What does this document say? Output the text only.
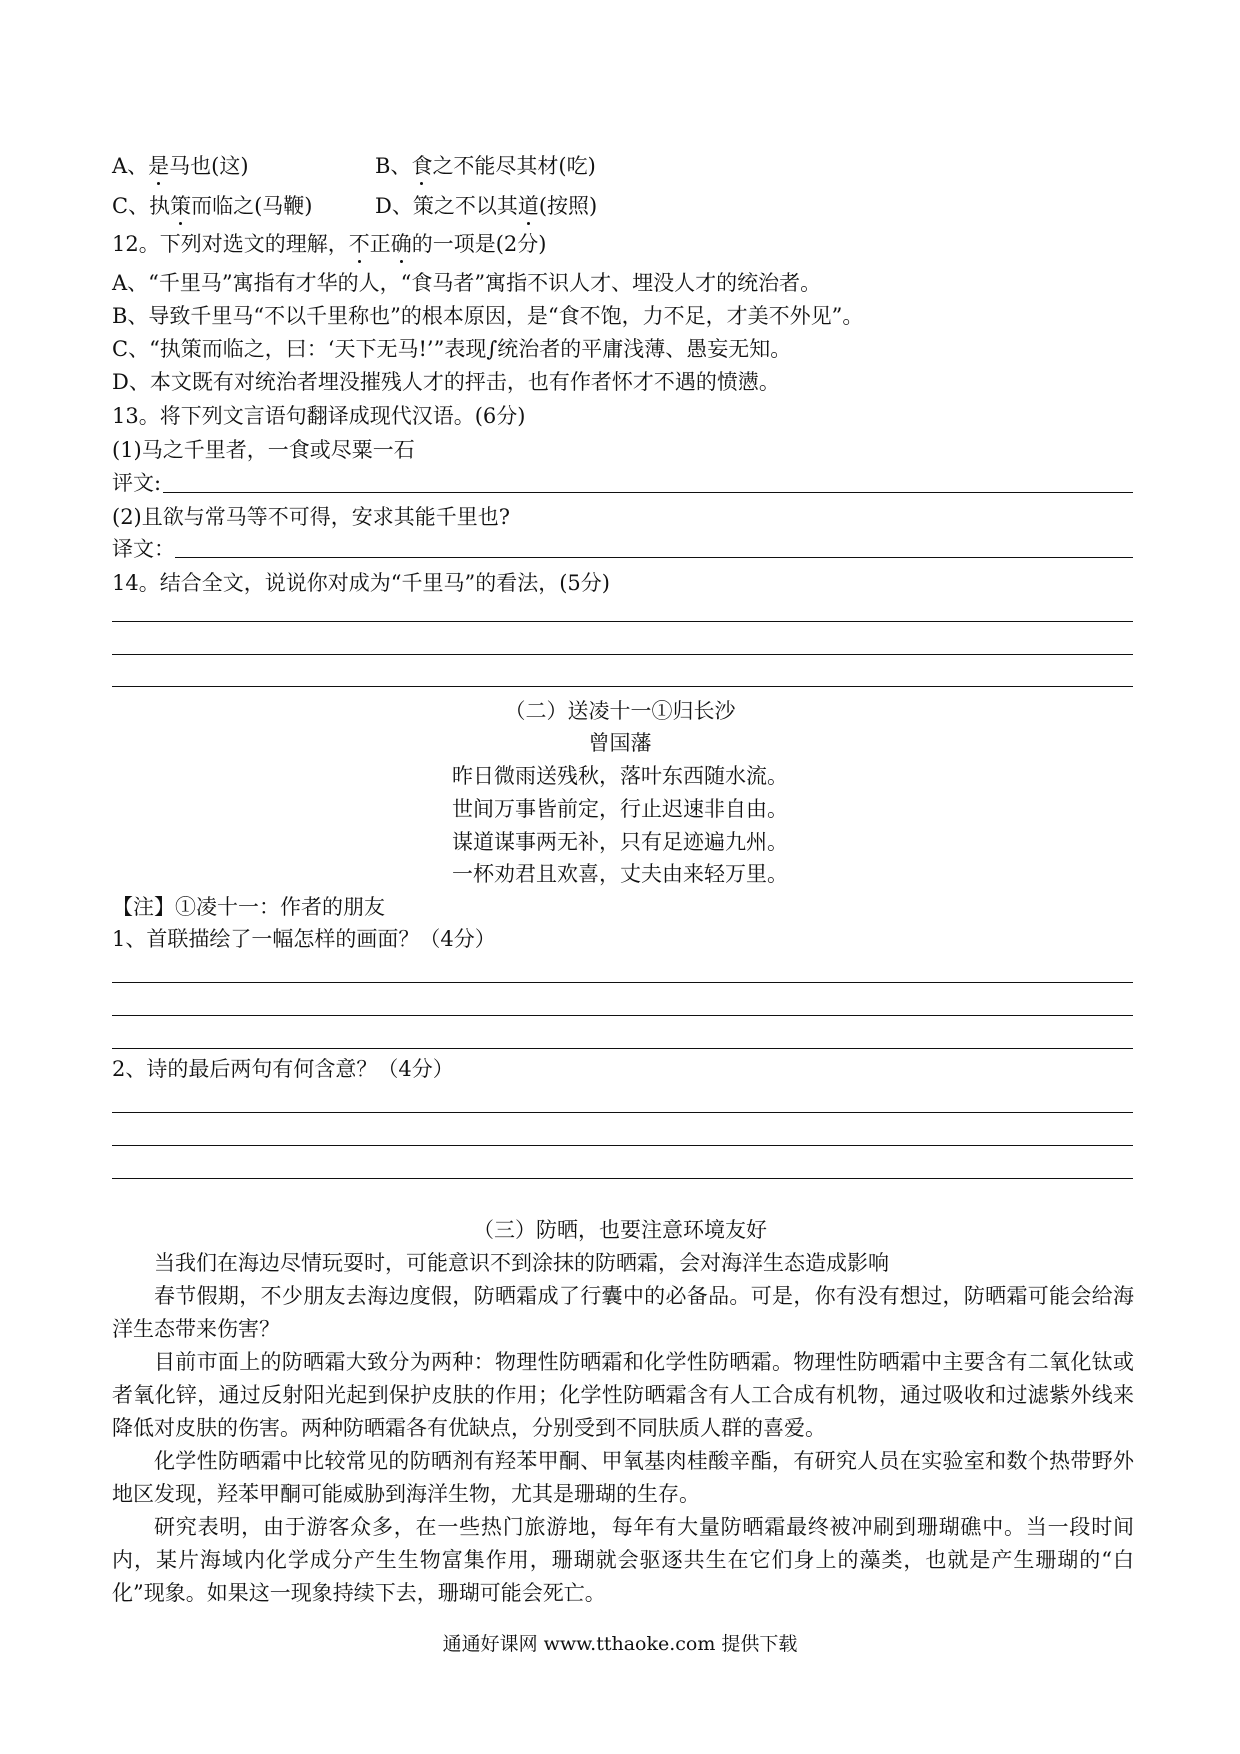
A、是马也(这)	B、食之不能尽其材(吃)
C、执策而临之(马鞭)	D、策之不以其道(按照)
12。下列对选文的理解，不正确的一项是(2分)
A、“千里马”寓指有才华的人，“食马者”寓指不识人才、埋没人才的统治者。
B、导致千里马“不以千里称也”的根本原因，是“食不饱，力不足，才美不外见”。
C、“执策而临之，曰：‘天下无马!’”表现∫统治者的平庸浅薄、愚妄无知。
D、本文既有对统治者埋没摧残人才的抨击，也有作者怀才不遇的愤懑。
13。将下列文言语句翻译成现代汉语。(6分)
(1)马之千里者，一食或尽粟一石
评文:
(2)且欲与常马等不可得，安求其能千里也?
译文：
14。结合全文，说说你对成为“千里马”的看法，(5分)
（二）送凌十一①归长沙
曾国藩
昨日微雨送残秋，落叶东西随水流。
世间万事皆前定，行止迟速非自由。
谋道谋事两无补，只有足迹遍九州。
一杯劝君且欢喜，丈夫由来轻万里。
【注】①凌十一：作者的朋友
1、首联描绘了一幅怎样的画面？（4分）
2、诗的最后两句有何含意？（4分）
（三）防晒，也要注意环境友好

当我们在海边尽情玩耍时，可能意识不到涂抹的防晒霜，会对海洋生态造成影响

春节假期，不少朋友去海边度假，防晒霜成了行囊中的必备品。可是，你有没有想过，防晒霜可能会给海洋生态带来伤害？

目前市面上的防晒霜大致分为两种：物理性防晒霜和化学性防晒霜。物理性防晒霜中主要含有二氧化钛或者氧化锌，通过反射阳光起到保护皮肤的作用；化学性防晒霜含有人工合成有机物，通过吸收和过滤紫外线来降低对皮肤的伤害。两种防晒霜各有优缺点，分别受到不同肤质人群的喜爱。

化学性防晒霜中比较常见的防晒剂有羟苯甲酮、甲氧基肉桂酸辛酯，有研究人员在实验室和数个热带野外地区发现，羟苯甲酮可能威胁到海洋生物，尤其是珊瑚的生存。

研究表明，由于游客众多，在一些热门旅游地，每年有大量防晒霜最终被冲刷到珊瑚礁中。当一段时间内，某片海域内化学成分产生生物富集作用，珊瑚就会驱逐共生在它们身上的藻类，也就是产生珊瑚的“白化”现象。如果这一现象持续下去，珊瑚可能会死亡。

通通好课网 www.tthaoke.com 提供下载
